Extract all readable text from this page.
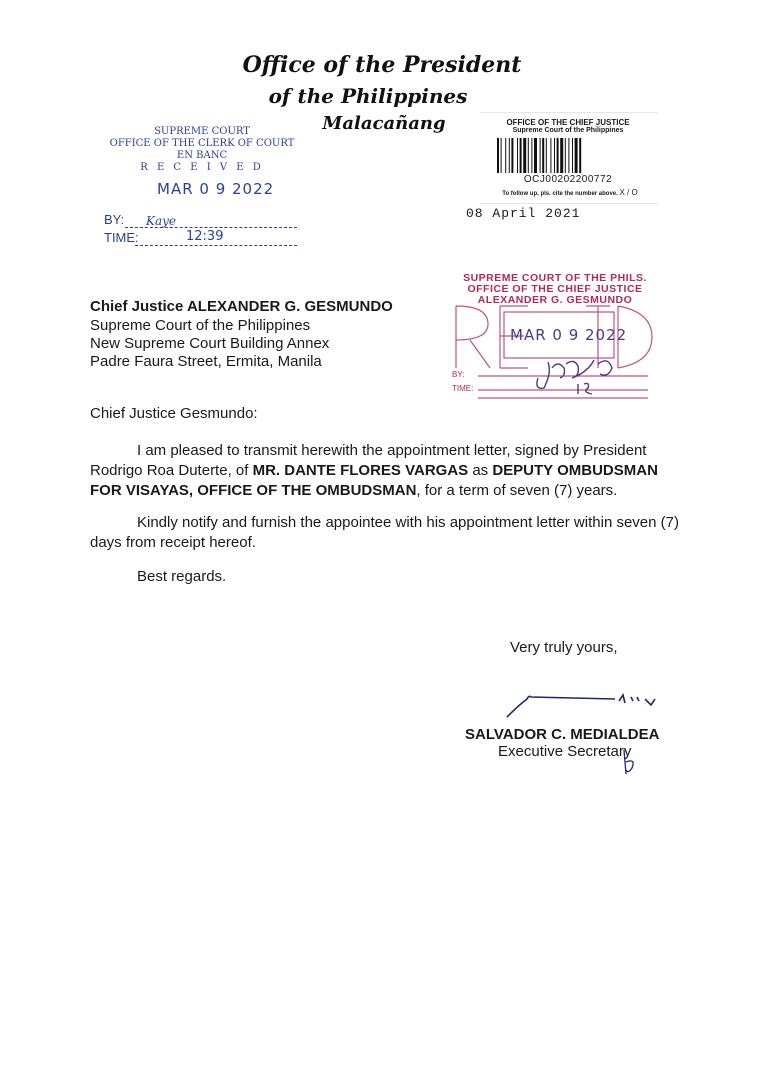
Office of the President
of the Philippines
Malacañang
SUPREME COURT
OFFICE OF THE CLERK OF COURT
EN BANC
R E C E I V E D
MAR 0 9 2022
BY: Kaye
TIME:	12:39
OFFICE OF THE CHIEF JUSTICE
Supreme Court of the Philippines
OCJ00202200772
To follow up, pls. cite the number above. X / O
08 April 2021
SUPREME COURT OF THE PHILS.
OFFICE OF THE CHIEF JUSTICE
ALEXANDER G. GESMUNDO
MAR 0 9 2022
BY:
TIME:
Chief Justice ALEXANDER G. GESMUNDO
Supreme Court of the Philippines
New Supreme Court Building Annex
Padre Faura Street, Ermita, Manila
Chief Justice Gesmundo:
I am pleased to transmit herewith the appointment letter, signed by President Rodrigo Roa Duterte, of MR. DANTE FLORES VARGAS as DEPUTY OMBUDSMAN FOR VISAYAS, OFFICE OF THE OMBUDSMAN, for a term of seven (7) years.
Kindly notify and furnish the appointee with his appointment letter within seven (7) days from receipt hereof.
Best regards.
Very truly yours,
SALVADOR C. MEDIALDEA
Executive Secretary
